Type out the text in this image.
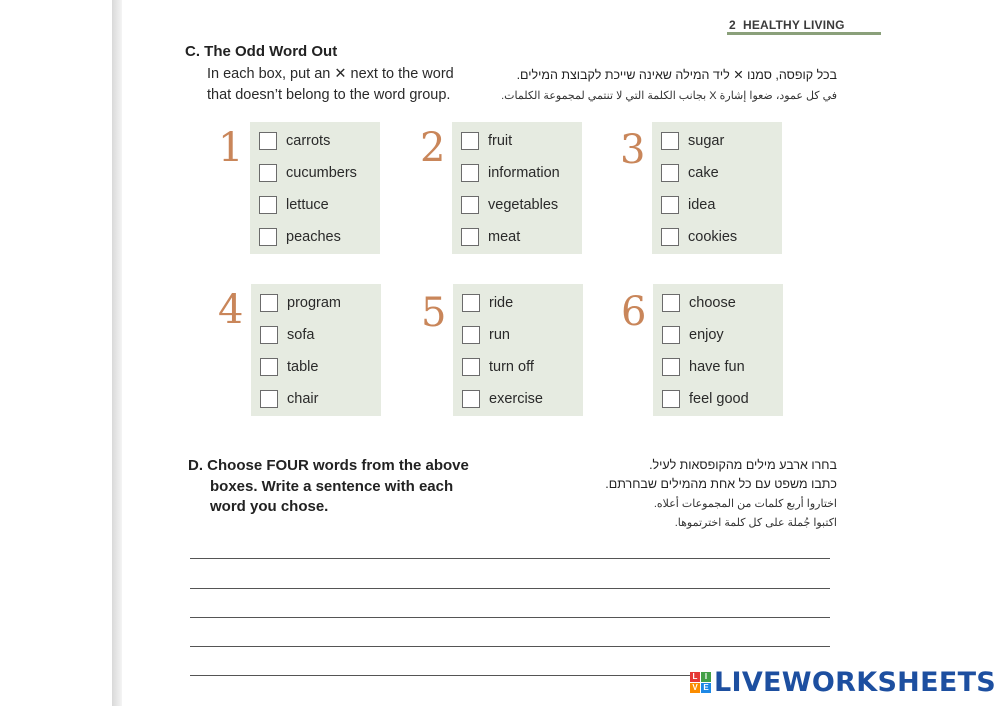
2 HEALTHY LIVING
C. The Odd Word Out
In each box, put an ✕ next to the word
that doesn’t belong to the word group.
בכל קופסה, סמנו ✕ ליד המילה שאינה שייכת לקבוצת המילים.
في كل عمود، ضعوا إشارة X بجانب الكلمة التي لا تنتمي لمجموعة الكلمات.
1	carrots
cucumbers
lettuce
peaches
2	fruit
information
vegetables
meat
3	sugar
cake
idea
cookies
4	program
sofa
table
chair
5	ride
run
turn off
exercise
6	choose
enjoy
have fun
feel good
D. Choose FOUR words from the above
boxes. Write a sentence with each
word you chose.
בחרו ארבע מילים מהקופסאות לעיל.
כתבו משפט עם כל אחת מהמילים שבחרתם.
اختاروا أربع كلمات من المجموعات أعلاه.
اكتبوا جُملة على كل كلمة اخترتموها.
L I
V E LIVEWORKSHEETS
